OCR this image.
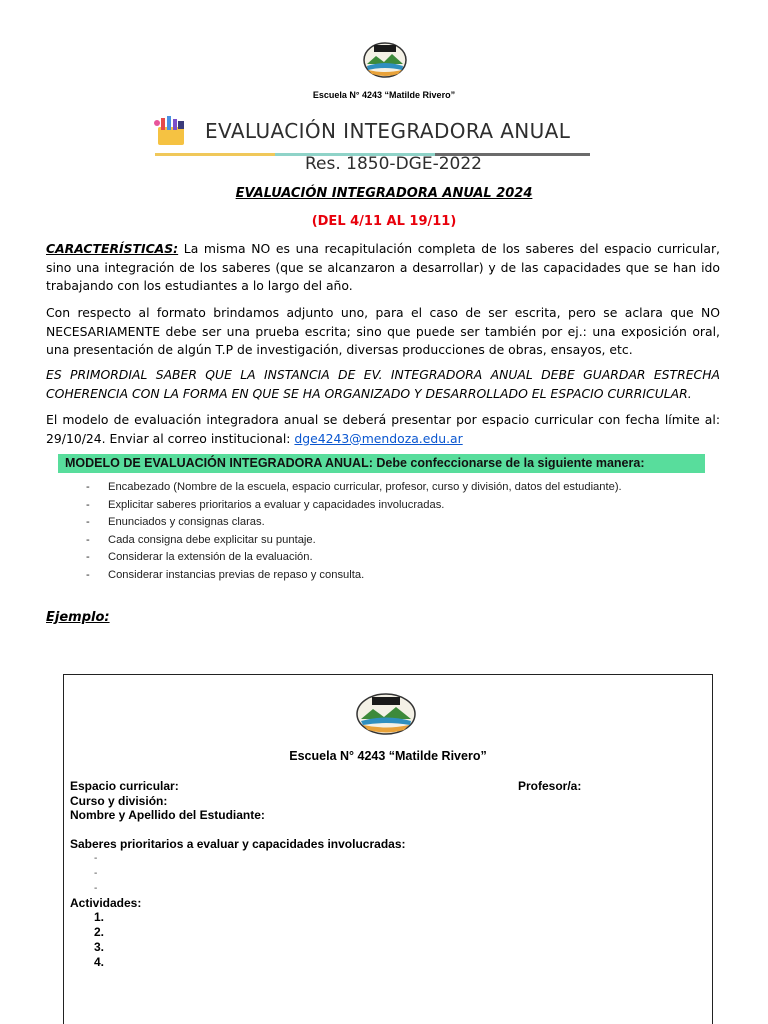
Escuela N° 4243 “Matilde Rivero”
EVALUACIÓN INTEGRADORA ANUAL
Res. 1850-DGE-2022
EVALUACIÓN INTEGRADORA ANUAL 2024
(DEL 4/11 AL 19/11)
CARACTERÍSTICAS: La misma NO es una recapitulación completa de los saberes del espacio curricular, sino una integración de los saberes (que se alcanzaron a desarrollar) y de las capacidades que se han ido trabajando con los estudiantes a lo largo del año.
Con respecto al formato brindamos adjunto uno, para el caso de ser escrita, pero se aclara que NO NECESARIAMENTE debe ser una prueba escrita; sino que puede ser también por ej.: una exposición oral, una presentación de algún T.P de investigación, diversas producciones de obras, ensayos, etc.
ES PRIMORDIAL SABER QUE LA INSTANCIA DE EV. INTEGRADORA ANUAL DEBE GUARDAR ESTRECHA COHERENCIA CON LA FORMA EN QUE SE HA ORGANIZADO Y DESARROLLADO EL ESPACIO CURRICULAR.
El modelo de evaluación integradora anual se deberá presentar por espacio curricular con fecha límite al: 29/10/24. Enviar al correo institucional: dge4243@mendoza.edu.ar
MODELO DE EVALUACIÓN INTEGRADORA ANUAL: Debe confeccionarse de la siguiente manera:
- Encabezado (Nombre de la escuela, espacio curricular, profesor, curso y división, datos del estudiante).
- Explicitar saberes prioritarios a evaluar y capacidades involucradas.
- Enunciados y consignas claras.
- Cada consigna debe explicitar su puntaje.
- Considerar la extensión de la evaluación.
- Considerar instancias previas de repaso y consulta.
Ejemplo:
Escuela N° 4243 “Matilde Rivero”
Espacio curricular:	Profesor/a:
Curso y división:
Nombre y Apellido del Estudiante:
Saberes prioritarios a evaluar y capacidades involucradas:
-
-
-
Actividades:
1.
2.
3.
4.
